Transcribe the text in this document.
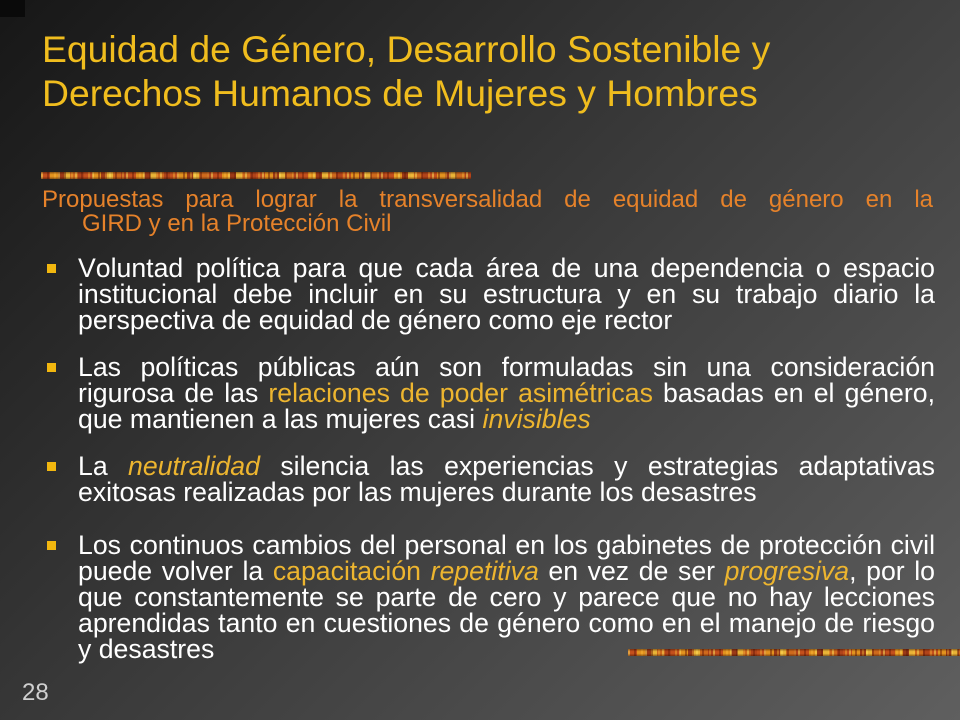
Equidad de Género, Desarrollo Sostenible y Derechos Humanos de Mujeres y Hombres
Propuestas para lograr la transversalidad de equidad de género en la
GIRD y en la Protección Civil
Voluntad política para que cada área de una dependencia o espacio institucional debe incluir en su estructura y en su trabajo diario la perspectiva de equidad de género como eje rector
Las políticas públicas aún son formuladas sin una consideración rigurosa de las relaciones de poder asimétricas basadas en el género, que mantienen a las mujeres casi invisibles
La neutralidad silencia las experiencias y estrategias adaptativas exitosas realizadas por las mujeres durante los desastres
Los continuos cambios del personal en los gabinetes de protección civil puede volver la capacitación repetitiva en vez de ser progresiva, por lo que constantemente se parte de cero y parece que no hay lecciones aprendidas tanto en cuestiones de género como en el manejo de riesgo y desastres
28
